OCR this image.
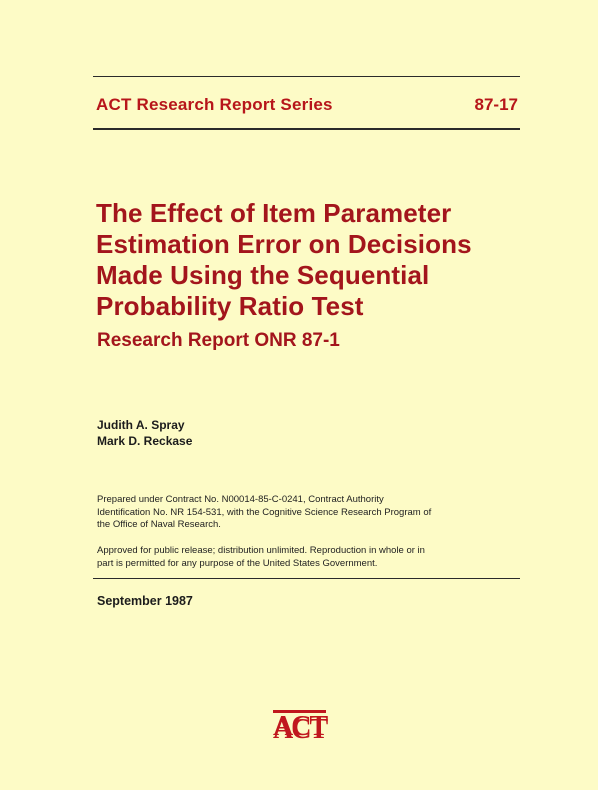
ACT Research Report Series	87-17
The Effect of Item Parameter
Estimation Error on Decisions
Made Using the Sequential
Probability Ratio Test
Research Report ONR 87-1
Judith A. Spray
Mark D. Reckase
Prepared under Contract No. N00014-85-C-0241, Contract Authority
Identification No. NR 154-531, with the Cognitive Science Research Program of
the Office of Naval Research.
Approved for public release; distribution unlimited. Reproduction in whole or in
part is permitted for any purpose of the United States Government.
September 1987
ACT
